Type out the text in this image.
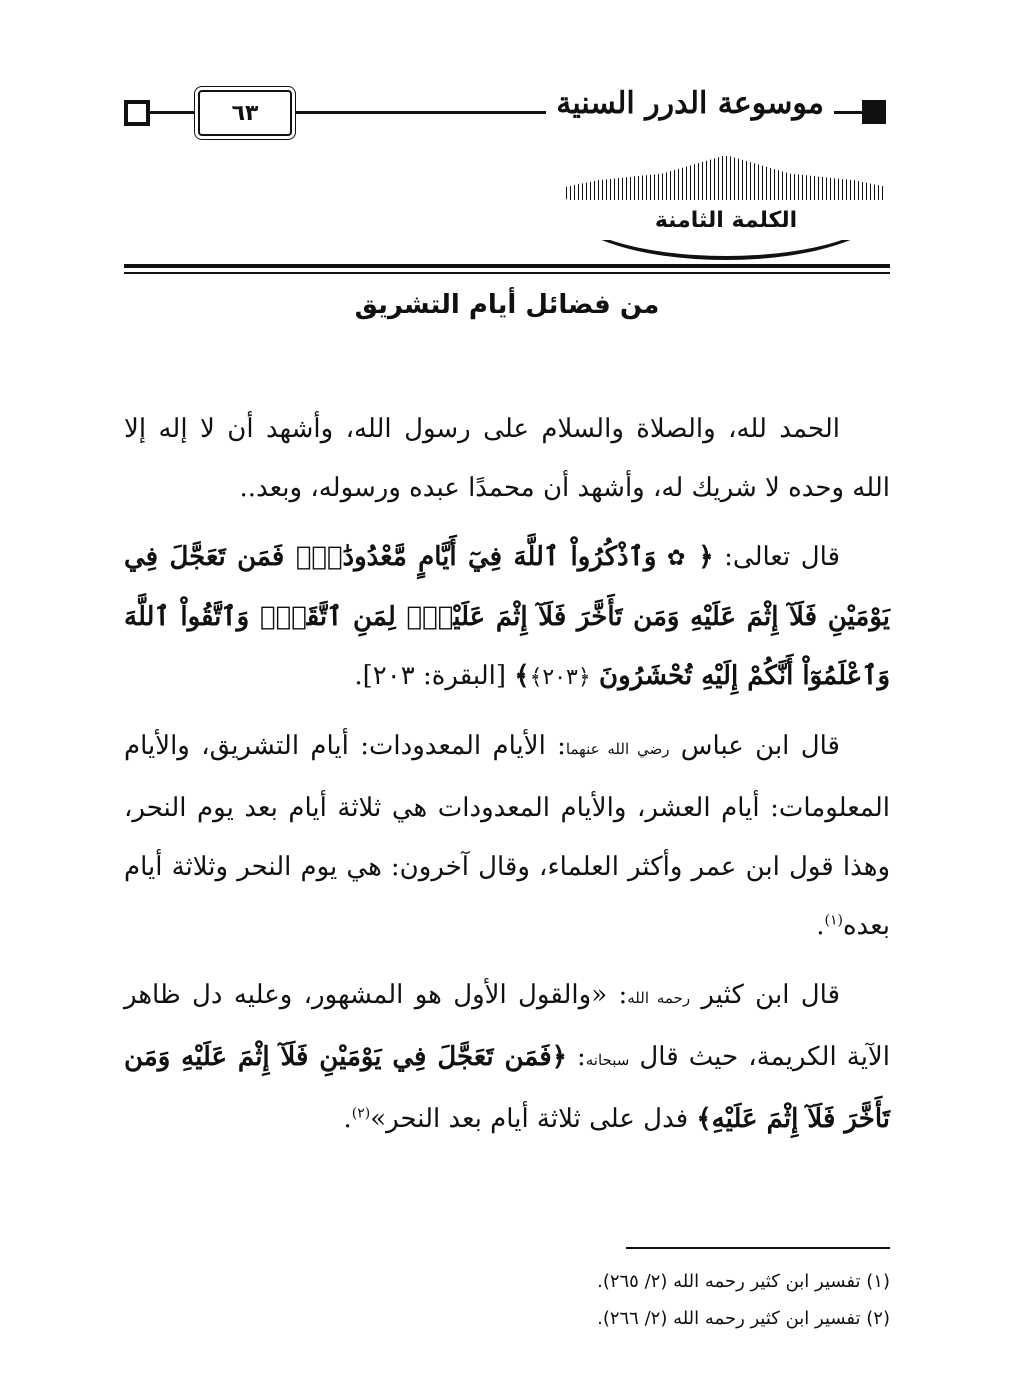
٦٣	موسوعة الدرر السنية
الكلمة الثامنة
من فضائل أيام التشريق

الحمد لله، والصلاة والسلام على رسول الله، وأشهد أن لا إله إلا الله وحده لا شريك له، وأشهد أن محمدًا عبده ورسوله، وبعد..

قال تعالى: ﴿ ✿ وَٱذْكُرُواْ ٱللَّهَ فِيٓ أَيَّامٍ مَّعْدُودَٰتٍۚ فَمَن تَعَجَّلَ فِي يَوْمَيْنِ فَلَآ إِثْمَ عَلَيْهِ وَمَن تَأَخَّرَ فَلَآ إِثْمَ عَلَيْهِۚ لِمَنِ ٱتَّقَىٰۗ وَٱتَّقُواْ ٱللَّهَ وَٱعْلَمُوٓاْ أَنَّكُمْ إِلَيْهِ تُحْشَرُونَ ﴿٢٠٣﴾﴾ [البقرة: ٢٠٣].

قال ابن عباس رضي الله عنهما: الأيام المعدودات: أيام التشريق، والأيام المعلومات: أيام العشر، والأيام المعدودات هي ثلاثة أيام بعد يوم النحر، وهذا قول ابن عمر وأكثر العلماء، وقال آخرون: هي يوم النحر وثلاثة أيام بعده$^{(١)}$.

قال ابن كثير رحمه الله: «والقول الأول هو المشهور، وعليه دل ظاهر الآية الكريمة، حيث قال سبحانه: ﴿فَمَن تَعَجَّلَ فِي يَوْمَيْنِ فَلَآ إِثْمَ عَلَيْهِ وَمَن تَأَخَّرَ فَلَآ إِثْمَ عَلَيْهِ﴾ فدل على ثلاثة أيام بعد النحر»$^{(٢)}$.

(١) تفسير ابن كثير رحمه الله (٢/ ٢٦٥).
(٢) تفسير ابن كثير رحمه الله (٢/ ٢٦٦).
